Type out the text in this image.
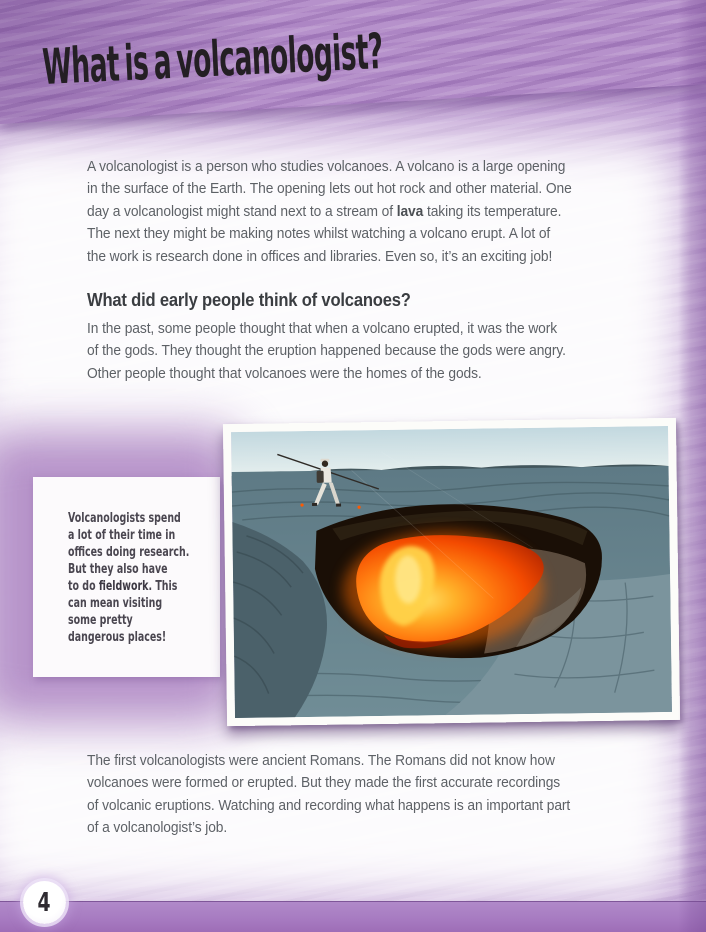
What is a volcanologist?
A volcanologist is a person who studies volcanoes. A volcano is a large opening
in the surface of the Earth. The opening lets out hot rock and other material. One
day a volcanologist might stand next to a stream of lava taking its temperature.
The next they might be making notes whilst watching a volcano erupt. A lot of
the work is research done in offices and libraries. Even so, it’s an exciting job!
What did early people think of volcanoes?
In the past, some people thought that when a volcano erupted, it was the work
of the gods. They thought the eruption happened because the gods were angry.
Other people thought that volcanoes were the homes of the gods.
Volcanologists spend
a lot of their time in
offices doing research.
But they also have
to do fieldwork. This
can mean visiting
some pretty
dangerous places!
The first volcanologists were ancient Romans. The Romans did not know how
volcanoes were formed or erupted. But they made the first accurate recordings
of volcanic eruptions. Watching and recording what happens is an important part
of a volcanologist’s job.
4
